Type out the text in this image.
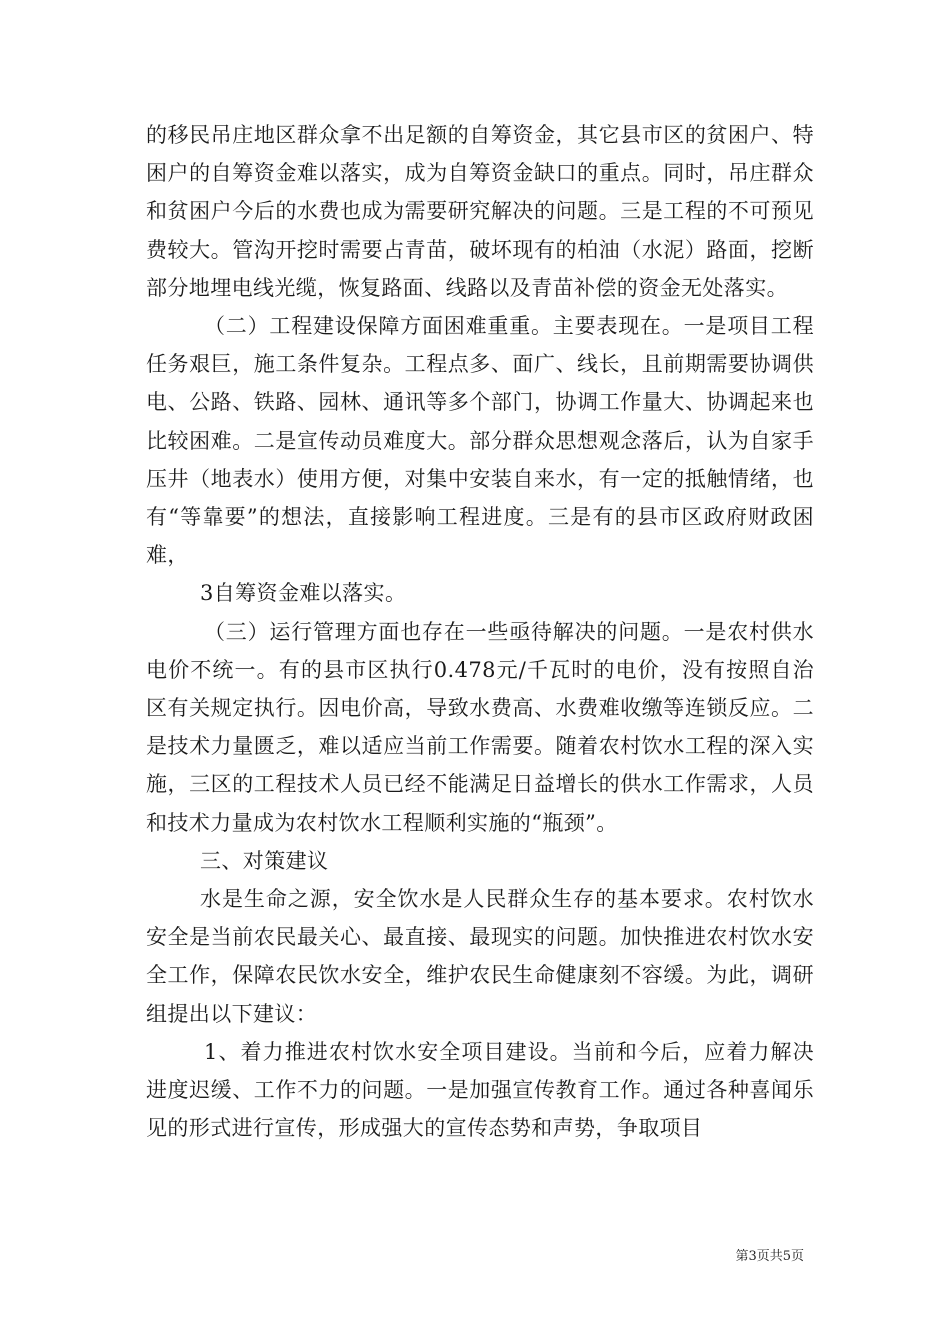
的移民吊庄地区群众拿不出足额的自筹资金，其它县市区的贫困户、特困户的自筹资金难以落实，成为自筹资金缺口的重点。同时，吊庄群众和贫困户今后的水费也成为需要研究解决的问题。三是工程的不可预见费较大。管沟开挖时需要占青苗，破坏现有的柏油（水泥）路面，挖断部分地埋电线光缆，恢复路面、线路以及青苗补偿的资金无处落实。

（二）工程建设保障方面困难重重。主要表现在。一是项目工程任务艰巨，施工条件复杂。工程点多、面广、线长，且前期需要协调供电、公路、铁路、园林、通讯等多个部门，协调工作量大、协调起来也比较困难。二是宣传动员难度大。部分群众思想观念落后，认为自家手压井（地表水）使用方便，对集中安装自来水，有一定的抵触情绪，也有“等靠要”的想法，直接影响工程进度。三是有的县市区政府财政困难，

3自筹资金难以落实。

（三）运行管理方面也存在一些亟待解决的问题。一是农村供水电价不统一。有的县市区执行0.478元/千瓦时的电价，没有按照自治区有关规定执行。因电价高，导致水费高、水费难收缴等连锁反应。二是技术力量匮乏，难以适应当前工作需要。随着农村饮水工程的深入实施，三区的工程技术人员已经不能满足日益增长的供水工作需求，人员和技术力量成为农村饮水工程顺利实施的“瓶颈”。

三、对策建议

水是生命之源，安全饮水是人民群众生存的基本要求。农村饮水安全是当前农民最关心、最直接、最现实的问题。加快推进农村饮水安全工作，保障农民饮水安全，维护农民生命健康刻不容缓。为此，调研组提出以下建议：

1、着力推进农村饮水安全项目建设。当前和今后，应着力解决进度迟缓、工作不力的问题。一是加强宣传教育工作。通过各种喜闻乐见的形式进行宣传，形成强大的宣传态势和声势，争取项目

第3页共5页
